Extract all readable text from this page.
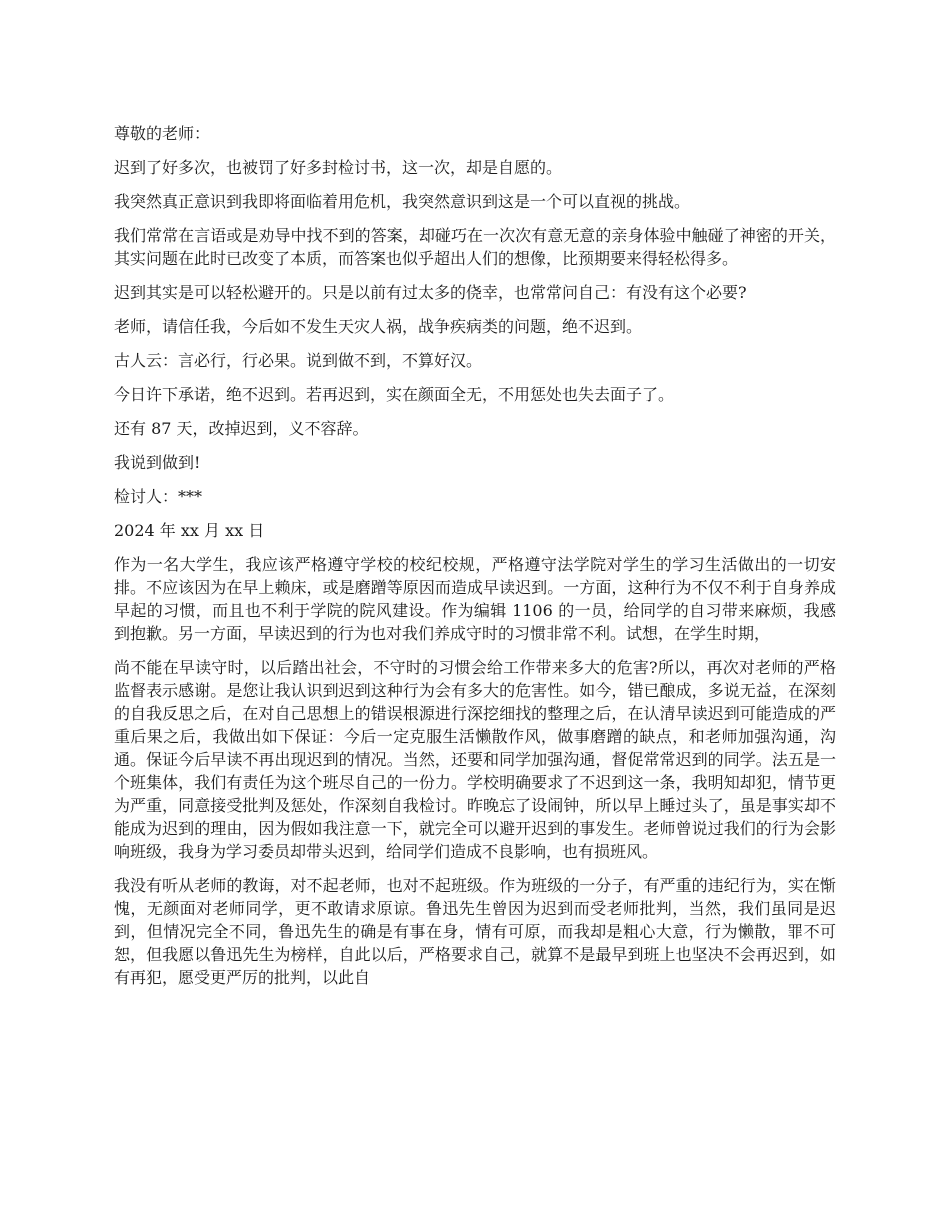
尊敬的老师：

迟到了好多次，也被罚了好多封检讨书，这一次，却是自愿的。

我突然真正意识到我即将面临着用危机，我突然意识到这是一个可以直视的挑战。

我们常常在言语或是劝导中找不到的答案，却碰巧在一次次有意无意的亲身体验中触碰了神密的开关，其实问题在此时已改变了本质，而答案也似乎超出人们的想像，比预期要来得轻松得多。

迟到其实是可以轻松避开的。只是以前有过太多的侥幸，也常常问自己：有没有这个必要?

老师，请信任我，今后如不发生天灾人祸，战争疾病类的问题，绝不迟到。

古人云：言必行，行必果。说到做不到，不算好汉。

今日许下承诺，绝不迟到。若再迟到，实在颜面全无，不用惩处也失去面子了。

还有 87 天，改掉迟到，义不容辞。

我说到做到!

检讨人：***

2024 年 xx 月 xx 日

作为一名大学生，我应该严格遵守学校的校纪校规，严格遵守法学院对学生的学习生活做出的一切安排。不应该因为在早上赖床，或是磨蹭等原因而造成早读迟到。一方面，这种行为不仅不利于自身养成早起的习惯，而且也不利于学院的院风建设。作为编辑 1106 的一员，给同学的自习带来麻烦，我感到抱歉。另一方面，早读迟到的行为也对我们养成守时的习惯非常不利。试想，在学生时期，

尚不能在早读守时，以后踏出社会，不守时的习惯会给工作带来多大的危害?所以，再次对老师的严格监督表示感谢。是您让我认识到迟到这种行为会有多大的危害性。如今，错已酿成，多说无益，在深刻的自我反思之后，在对自己思想上的错误根源进行深挖细找的整理之后，在认清早读迟到可能造成的严重后果之后，我做出如下保证：今后一定克服生活懒散作风，做事磨蹭的缺点，和老师加强沟通，沟通。保证今后早读不再出现迟到的情况。当然，还要和同学加强沟通，督促常常迟到的同学。法五是一个班集体，我们有责任为这个班尽自己的一份力。学校明确要求了不迟到这一条，我明知却犯，情节更为严重，同意接受批判及惩处，作深刻自我检讨。昨晚忘了设闹钟，所以早上睡过头了，虽是事实却不能成为迟到的理由，因为假如我注意一下，就完全可以避开迟到的事发生。老师曾说过我们的行为会影响班级，我身为学习委员却带头迟到，给同学们造成不良影响，也有损班风。

我没有听从老师的教诲，对不起老师，也对不起班级。作为班级的一分子，有严重的违纪行为，实在惭愧，无颜面对老师同学，更不敢请求原谅。鲁迅先生曾因为迟到而受老师批判，当然，我们虽同是迟到，但情况完全不同，鲁迅先生的确是有事在身，情有可原，而我却是粗心大意，行为懒散，罪不可恕，但我愿以鲁迅先生为榜样，自此以后，严格要求自己，就算不是最早到班上也坚决不会再迟到，如有再犯，愿受更严厉的批判，以此自
